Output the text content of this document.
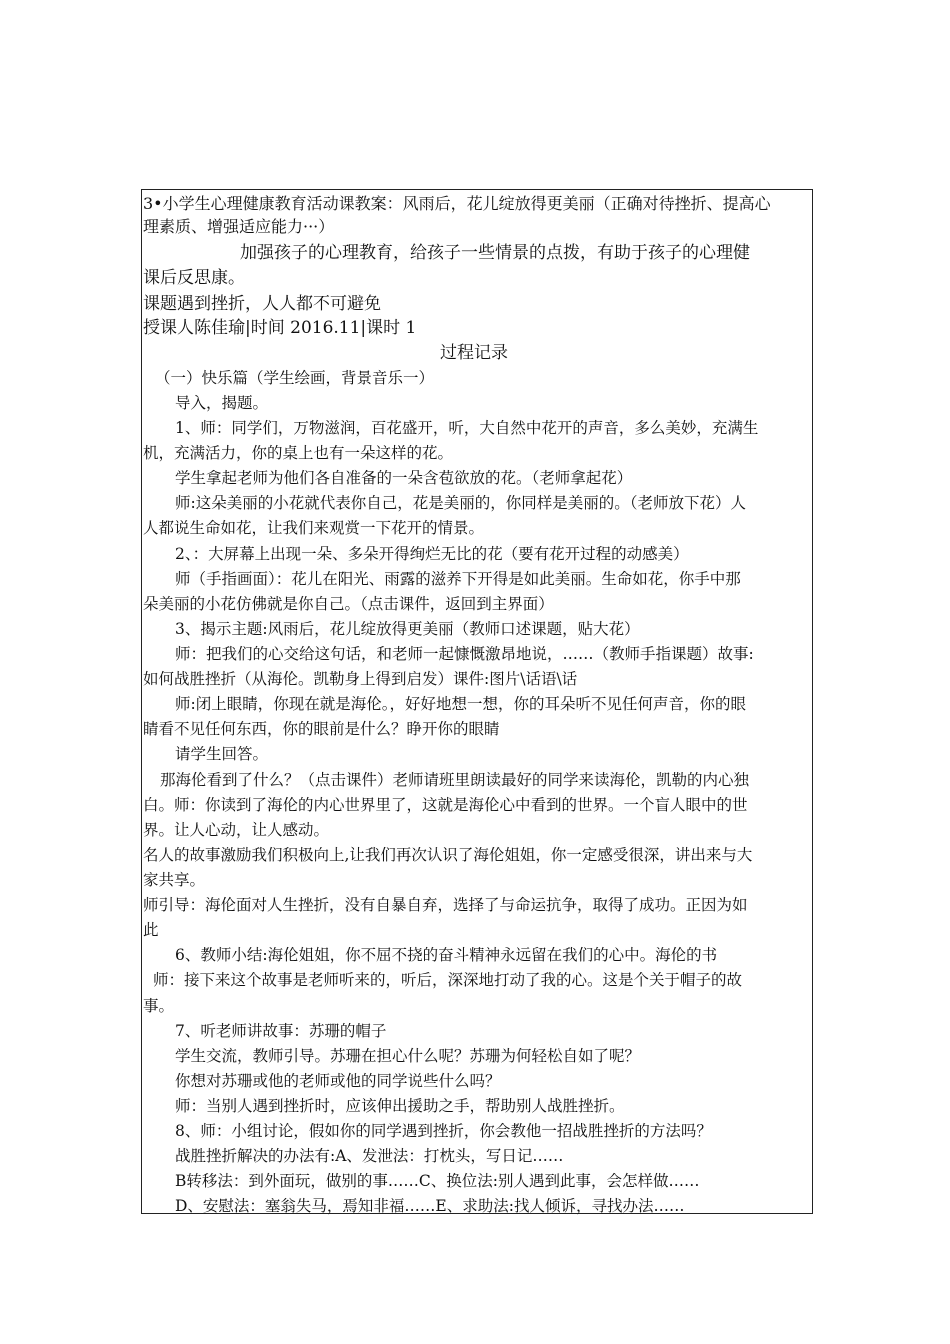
3•小学生心理健康教育活动课教案：风雨后，花儿绽放得更美丽（正确对待挫折、提高心
理素质、增强适应能力···）
加强孩子的心理教育，给孩子一些情景的点拨，有助于孩子的心理健
课后反思康。
课题遇到挫折，人人都不可避免
授课人陈佳瑜|时间 2016.11|课时 1
过程记录
（一）快乐篇（学生绘画，背景音乐一）
导入，揭题。
1、师：同学们，万物滋润，百花盛开，听，大自然中花开的声音，多么美妙，充满生
机，充满活力，你的桌上也有一朵这样的花。
学生拿起老师为他们各自准备的一朵含苞欲放的花。（老师拿起花）
师:这朵美丽的小花就代表你自己，花是美丽的，你同样是美丽的。（老师放下花）人
人都说生命如花，让我们来观赏一下花开的情景。
2、：大屏幕上出现一朵、多朵开得绚烂无比的花（要有花开过程的动感美）
师（手指画面）：花儿在阳光、雨露的滋养下开得是如此美丽。生命如花，你手中那
朵美丽的小花仿佛就是你自己。（点击课件，返回到主界面）
3、揭示主题:风雨后，花儿绽放得更美丽（教师口述课题，贴大花）
师：把我们的心交给这句话，和老师一起慷慨激昂地说，……（教师手指课题）故事:
如何战胜挫折（从海伦。凯勒身上得到启发）课件:图片\话语\话
师:闭上眼睛，你现在就是海伦。，好好地想一想，你的耳朵听不见任何声音，你的眼
睛看不见任何东西，你的眼前是什么？睁开你的眼睛
请学生回答。
那海伦看到了什么？（点击课件）老师请班里朗读最好的同学来读海伦，凯勒的内心独
白。师：你读到了海伦的内心世界里了，这就是海伦心中看到的世界。一个盲人眼中的世
界。让人心动，让人感动。
名人的故事激励我们积极向上,让我们再次认识了海伦姐姐，你一定感受很深，讲出来与大
家共享。
师引导：海伦面对人生挫折，没有自暴自弃，选择了与命运抗争，取得了成功。正因为如
此
6、教师小结:海伦姐姐，你不屈不挠的奋斗精神永远留在我们的心中。海伦的书
师：接下来这个故事是老师听来的，听后，深深地打动了我的心。这是个关于帽子的故
事。
7、听老师讲故事：苏珊的帽子
学生交流，教师引导。苏珊在担心什么呢？苏珊为何轻松自如了呢？
你想对苏珊或他的老师或他的同学说些什么吗？
师：当别人遇到挫折时，应该伸出援助之手，帮助别人战胜挫折。
8、师：小组讨论，假如你的同学遇到挫折，你会教他一招战胜挫折的方法吗？
战胜挫折解决的办法有:A、发泄法：打枕头，写日记……
B转移法：到外面玩，做别的事……C、换位法:别人遇到此事，会怎样做……
D、安慰法：塞翁失马，焉知非福……E、求助法:找人倾诉，寻找办法……
